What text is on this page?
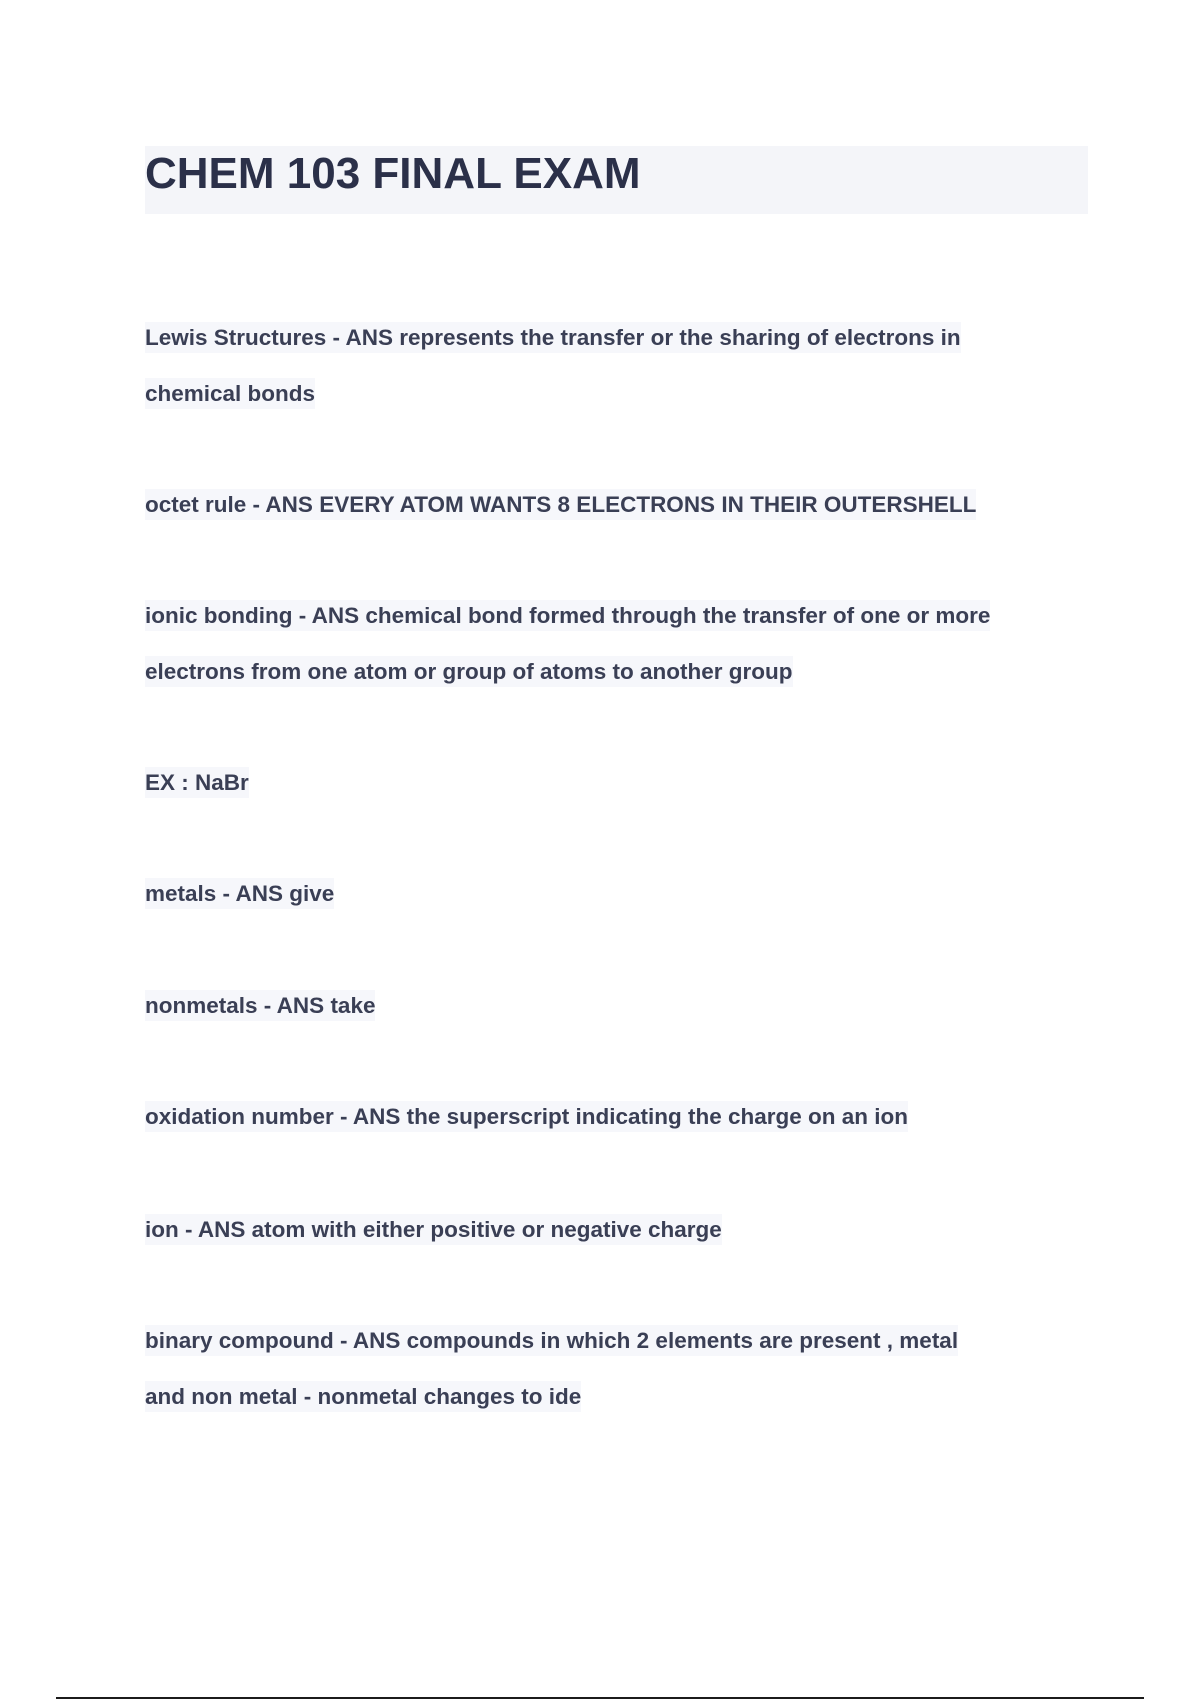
CHEM 103 FINAL EXAM
Lewis Structures - ANS represents the transfer or the sharing of electrons in
chemical bonds
octet rule - ANS EVERY ATOM WANTS 8 ELECTRONS IN THEIR OUTERSHELL
ionic bonding - ANS chemical bond formed through the transfer of one or more
electrons from one atom or group of atoms to another group
EX : NaBr
metals - ANS give
nonmetals - ANS take
oxidation number - ANS the superscript indicating the charge on an ion
ion - ANS atom with either positive or negative charge
binary compound - ANS compounds in which 2 elements are present , metal
and non metal - nonmetal changes to ide
